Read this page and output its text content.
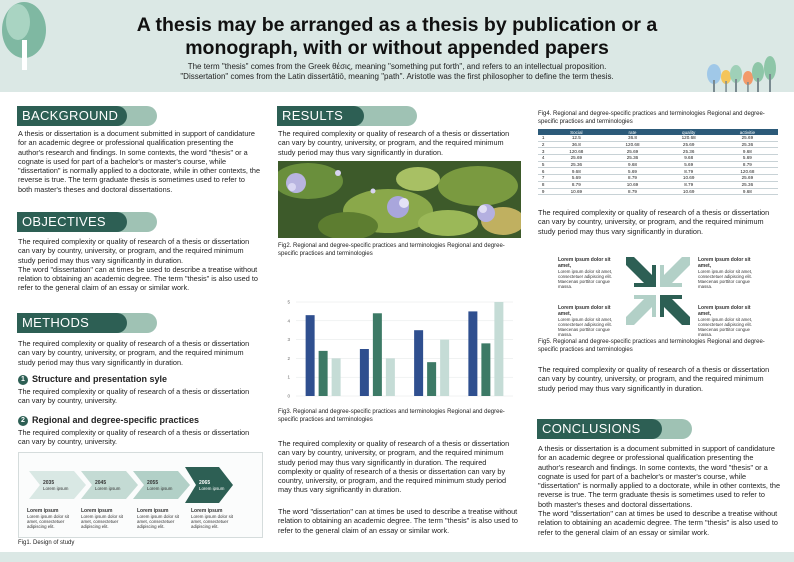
A thesis may be arranged as a thesis by publication or a monograph, with or without appended papers
The term "thesis" comes from the Greek θέσις, meaning "something put forth", and refers to an intellectual proposition.
"Dissertation" comes from the Latin dissertātiō, meaning "path". Aristotle was the first philosopher to define the term thesis.
BACKGROUND
A thesis or dissertation is a document submitted in support of candidature for an academic degree or professional qualification presenting the author's research and findings. In some contexts, the word "thesis" or a cognate is used for part of a bachelor's or master's course, while "dissertation" is normally applied to a doctorate, while in other contexts, the reverse is true. The term graduate thesis is sometimes used to refer to both master's theses and doctoral dissertations.
OBJECTIVES
The required complexity or quality of research of a thesis or dissertation can vary by country, university, or program, and the required minimum study period may thus vary significantly in duration.
The word "dissertation" can at times be used to describe a treatise without relation to obtaining an academic degree. The term "thesis" is also used to refer to the general claim of an essay or similar work.
METHODS
The required complexity or quality of research of a thesis or dissertation can vary by country, university, or program, and the required minimum study period may thus vary significantly in duration.
1 Structure and presentation syle
The required complexity or quality of research of a thesis or dissertation can vary by country, university.
2 Regional and degree-specific practices
The required complexity or quality of research of a thesis or dissertation can vary by country, university.
2035
Lorem ipsum
2045
Lorem ipsum
2055
Lorem ipsum
2065
Lorem ipsum
Lorem ipsum
Lorem ipsum dolor sit amet, consectetuer adipiscing elit.
Lorem ipsum
Lorem ipsum dolor sit amet, consectetuer adipiscing elit.
Lorem ipsum
Lorem ipsum dolor sit amet, consectetuer adipiscing elit.
Lorem ipsum
Lorem ipsum dolor sit amet, consectetuer adipiscing elit.
Fig1. Design of study
RESULTS
The required complexity or quality of research of a thesis or dissertation can vary by country, university, or program, and the required minimum study period may thus vary significantly in duration.
Fig2. Regional and degree-specific practices and terminologies Regional and degree-specific practices and terminologies
0
1
2
3
4
5
Fig3. Regional and degree-specific practices and terminologies Regional and degree-specific practices and terminologies
The required complexity or quality of research of a thesis or dissertation can vary by country, university, or program, and the required minimum study period may thus vary significantly in duration. The required complexity or quality of research of a thesis or dissertation can vary by country, university, or program, and the required minimum study period may thus vary significantly in duration.
The word "dissertation" can at times be used to describe a treatise without relation to obtaining an academic degree. The term "thesis" is also used to refer to the general claim of an essay or similar work.
Fig4. Regional and degree-specific practices and terminologies Regional and degree-specific practices and terminologies
	Social	rate	quality	activitie
1	12.5	36.8	120.68	25.69
2	36.8	120.68	25.69	25.36
3	120.68	25.69	25.36	9.68
4	25.69	25.36	9.68	5.69
5	25.36	9.68	5.69	8.79
6	9.68	5.69	8.79	120.68
7	5.69	8.79	10.69	25.69
8	8.79	10.69	8.79	25.36
9	10.69	8.79	10.69	9.68
The required complexity or quality of research of a thesis or dissertation can vary by country, university, or program, and the required minimum study period may thus vary significantly in duration.
Lorem ipsum dolor sit amet,
Lorem ipsum dolor sit amet, consectetuer adipiscing elit. Maecenas porttitor congue massa.
Lorem ipsum dolor sit amet,
Lorem ipsum dolor sit amet, consectetuer adipiscing elit. Maecenas porttitor congue massa.
Lorem ipsum dolor sit amet,
Lorem ipsum dolor sit amet, consectetuer adipiscing elit. Maecenas porttitor congue massa.
Lorem ipsum dolor sit amet,
Lorem ipsum dolor sit amet, consectetuer adipiscing elit. Maecenas porttitor congue massa.
Fig5. Regional and degree-specific practices and terminologies Regional and degree-specific practices and terminologies
The required complexity or quality of research of a thesis or dissertation can vary by country, university, or program, and the required minimum study period may thus vary significantly in duration.
CONCLUSIONS
A thesis or dissertation is a document submitted in support of candidature for an academic degree or professional qualification presenting the author's research and findings. In some contexts, the word "thesis" or a cognate is used for part of a bachelor's or master's course, while "dissertation" is normally applied to a doctorate, while in other contexts, the reverse is true. The term graduate thesis is sometimes used to refer to both master's theses and doctoral dissertations.
The word "dissertation" can at times be used to describe a treatise without relation to obtaining an academic degree. The term "thesis" is also used to refer to the general claim of an essay or similar work.
